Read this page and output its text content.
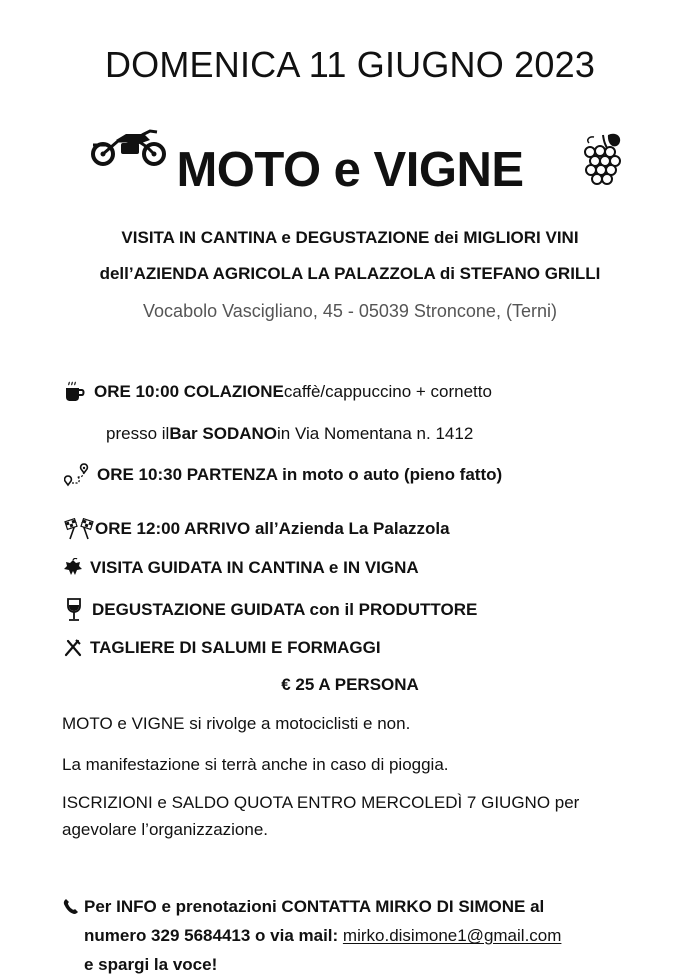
DOMENICA 11 GIUGNO 2023
MOTO e VIGNE
VISITA IN CANTINA e DEGUSTAZIONE dei MIGLIORI VINI
dell’AZIENDA AGRICOLA LA PALAZZOLA di STEFANO GRILLI
Vocabolo Vascigliano, 45 - 05039 Stroncone, (Terni)
ORE 10:00 COLAZIONE caffè/cappuccino + cornetto
presso il Bar SODANO in Via Nomentana n. 1412
ORE 10:30 PARTENZA in moto o auto (pieno fatto)
ORE 12:00 ARRIVO all’Azienda La Palazzola
VISITA GUIDATA IN CANTINA e IN VIGNA
DEGUSTAZIONE GUIDATA con il PRODUTTORE
TAGLIERE DI SALUMI E FORMAGGI
€ 25 A PERSONA
MOTO e VIGNE si rivolge a motociclisti e non.
La manifestazione si terrà anche in caso di pioggia.
ISCRIZIONI e SALDO QUOTA ENTRO MERCOLEDÌ 7 GIUGNO per agevolare l’organizzazione.
Per INFO e prenotazioni CONTATTA MIRKO DI SIMONE al
numero 329 5684413 o via mail: mirko.disimone1@gmail.com
e spargi la voce!
